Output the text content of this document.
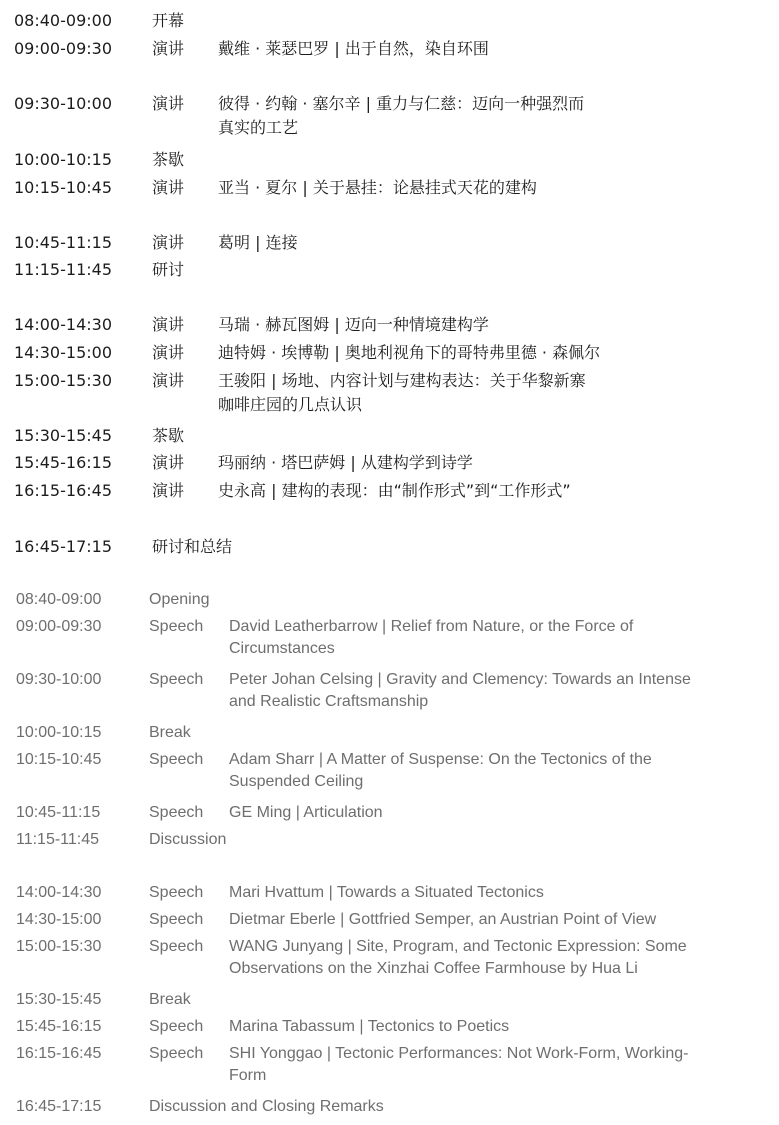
08:40-09:00	开幕
09:00-09:30	演讲 戴维 · 莱瑟巴罗 | 出于自然，染自环围
09:30-10:00	演讲 彼得 · 约翰 · 塞尔辛 | 重力与仁慈：迈向一种强烈而
真实的工艺
10:00-10:15	茶歇
10:15-10:45	演讲 亚当 · 夏尔 | 关于悬挂：论悬挂式天花的建构
10:45-11:15	演讲 葛明 | 连接
11:15-11:45	研讨
14:00-14:30	演讲 马瑞 · 赫瓦图姆 | 迈向一种情境建构学
14:30-15:00	演讲 迪特姆 · 埃博勒 | 奥地利视角下的哥特弗里德 · 森佩尔
15:00-15:30	演讲 王骏阳 | 场地、内容计划与建构表达：关于华黎新寨
咖啡庄园的几点认识
15:30-15:45	茶歇
15:45-16:15	演讲 玛丽纳 · 塔巴萨姆 | 从建构学到诗学
16:15-16:45	演讲 史永高 | 建构的表现：由“制作形式”到“工作形式”
16:45-17:15	研讨和总结
08:40-09:00	Opening
09:00-09:30	Speech David Leatherbarrow | Relief from Nature, or the Force of
Circumstances
09:30-10:00	Speech Peter Johan Celsing | Gravity and Clemency: Towards an Intense
and Realistic Craftsmanship
10:00-10:15	Break
10:15-10:45	Speech Adam Sharr | A Matter of Suspense: On the Tectonics of the
Suspended Ceiling
10:45-11:15	Speech GE Ming | Articulation
11:15-11:45	Discussion
14:00-14:30	Speech Mari Hvattum | Towards a Situated Tectonics
14:30-15:00	Speech Dietmar Eberle | Gottfried Semper, an Austrian Point of View
15:00-15:30	Speech WANG Junyang | Site, Program, and Tectonic Expression: Some
Observations on the Xinzhai Coffee Farmhouse by Hua Li
15:30-15:45	Break
15:45-16:15	Speech Marina Tabassum | Tectonics to Poetics
16:15-16:45	Speech SHI Yonggao | Tectonic Performances: Not Work-Form, Working-
Form
16:45-17:15	Discussion and Closing Remarks
